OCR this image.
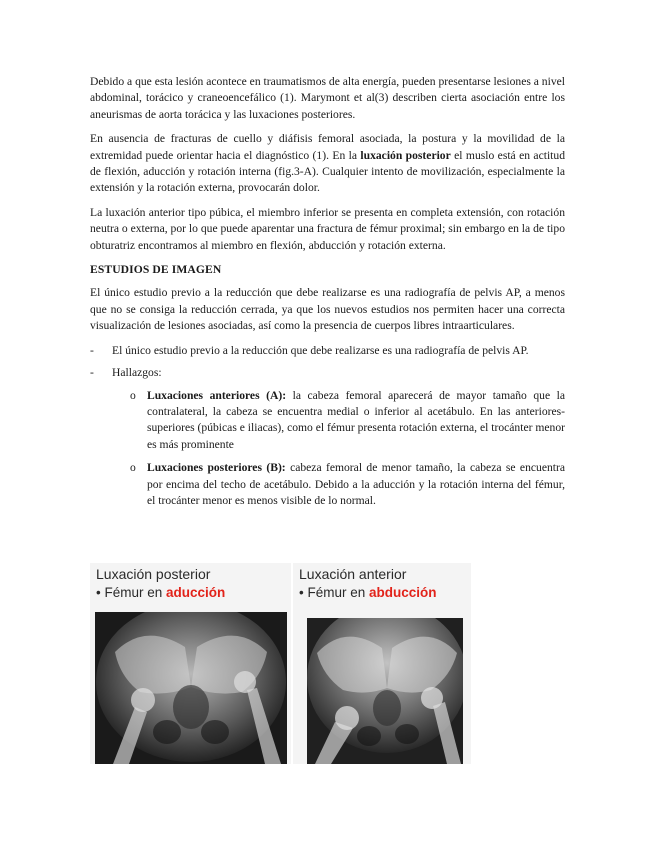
Debido a que esta lesión acontece en traumatismos de alta energía, pueden presentarse lesiones a nivel abdominal, torácico y craneoencefálico (1). Marymont et al(3) describen cierta asociación entre los aneurismas de aorta torácica y las luxaciones posteriores.

En ausencia de fracturas de cuello y diáfisis femoral asociada, la postura y la movilidad de la extremidad puede orientar hacia el diagnóstico (1). En la luxación posterior el muslo está en actitud de flexión, aducción y rotación interna (fig.3-A). Cualquier intento de movilización, especialmente la extensión y la rotación externa, provocarán dolor.

La luxación anterior tipo púbica, el miembro inferior se presenta en completa extensión, con rotación neutra o externa, por lo que puede aparentar una fractura de fémur proximal; sin embargo en la de tipo obturatriz encontramos al miembro en flexión, abducción y rotación externa.

ESTUDIOS DE IMAGEN

El único estudio previo a la reducción que debe realizarse es una radiografía de pelvis AP, a menos que no se consiga la reducción cerrada, ya que los nuevos estudios nos permiten hacer una correcta visualización de lesiones asociadas, así como la presencia de cuerpos libres intraarticulares.

- El único estudio previo a la reducción que debe realizarse es una radiografía de pelvis AP.
- Hallazgos:
o Luxaciones anteriores (A): la cabeza femoral aparecerá de mayor tamaño que la contralateral, la cabeza se encuentra medial o inferior al acetábulo. En las anteriores-superiores (púbicas e iliacas), como el fémur presenta rotación externa, el trocánter menor es más prominente
o Luxaciones posteriores (B): cabeza femoral de menor tamaño, la cabeza se encuentra por encima del techo de acetábulo. Debido a la aducción y la rotación interna del fémur, el trocánter menor es menos visible de lo normal.
Luxación posterior
• Fémur en aducción
Luxación anterior
• Fémur en abducción
